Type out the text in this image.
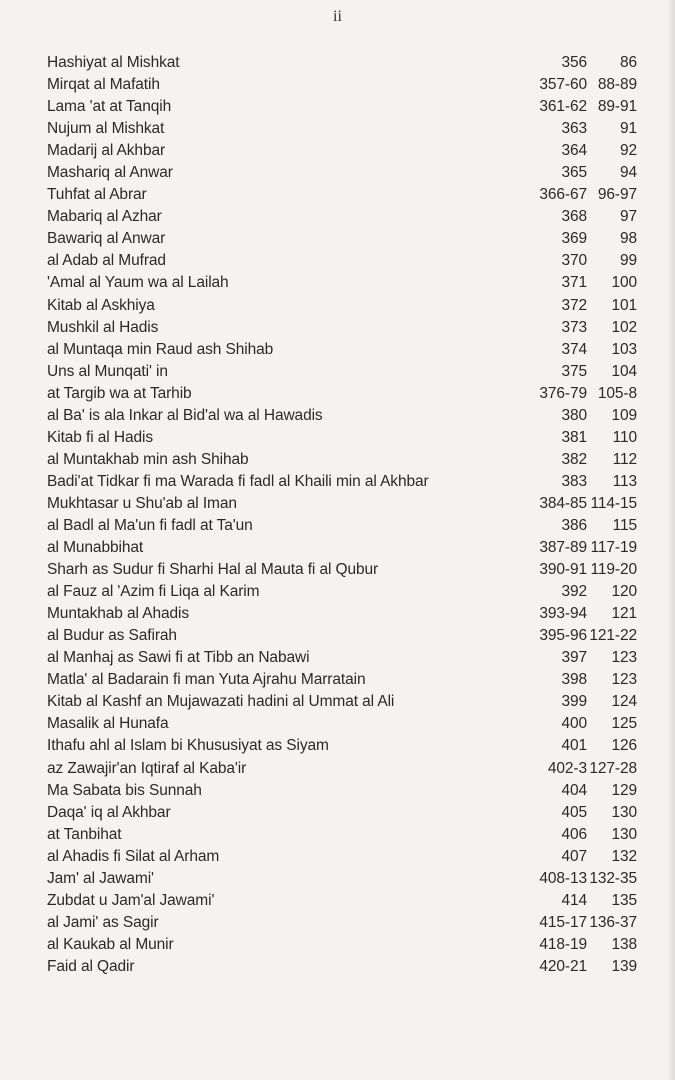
ii
Hashiyat al Mishkat	356	86
Mirqat al Mafatih	357-60 88-89
Lama 'at at Tanqih	361-62 89-91
Nujum al Mishkat	363	91
Madarij al Akhbar	364	92
Mashariq al Anwar	365	94
Tuhfat al Abrar	366-67 96-97
Mabariq al Azhar	368	97
Bawariq al Anwar	369	98
al Adab al Mufrad	370	99
'Amal al Yaum wa al Lailah	371	100
Kitab al Askhiya	372	101
Mushkil al Hadis	373	102
al Muntaqa min Raud ash Shihab	374	103
Uns al Munqati' in	375	104
at Targib wa at Tarhib	376-79 105-8
al Ba' is ala Inkar al Bid'al wa al Hawadis	380	109
Kitab fi al Hadis	381	110
al Muntakhab min ash Shihab	382	112
Badi'at Tidkar fi ma Warada fi fadl al Khaili min al Akhbar	383	113
Mukhtasar u Shu'ab al Iman	384-85 114-15
al Badl al Ma'un fi fadl at Ta'un	386	115
al Munabbihat	387-89 117-19
Sharh as Sudur fi Sharhi Hal al Mauta fi al Qubur	390-91 119-20
al Fauz al 'Azim fi Liqa al Karim	392	120
Muntakhab al Ahadis	393-94	121
al Budur as Safirah	395-96 121-22
al Manhaj as Sawi fi at Tibb an Nabawi	397	123
Matla' al Badarain fi man Yuta Ajrahu Marratain	398	123
Kitab al Kashf an Mujawazati hadini al Ummat al Ali	399	124
Masalik al Hunafa	400	125
Ithafu ahl al Islam bi Khususiyat as Siyam	401	126
az Zawajir'an Iqtiraf al Kaba'ir	402-3 127-28
Ma Sabata bis Sunnah	404	129
Daqa' iq al Akhbar	405	130
at Tanbihat	406	130
al Ahadis fi Silat al Arham	407	132
Jam' al Jawami'	408-13 132-35
Zubdat u Jam'al Jawami'	414	135
al Jami' as Sagir	415-17 136-37
al Kaukab al Munir	418-19	138
Faid al Qadir	420-21	139
